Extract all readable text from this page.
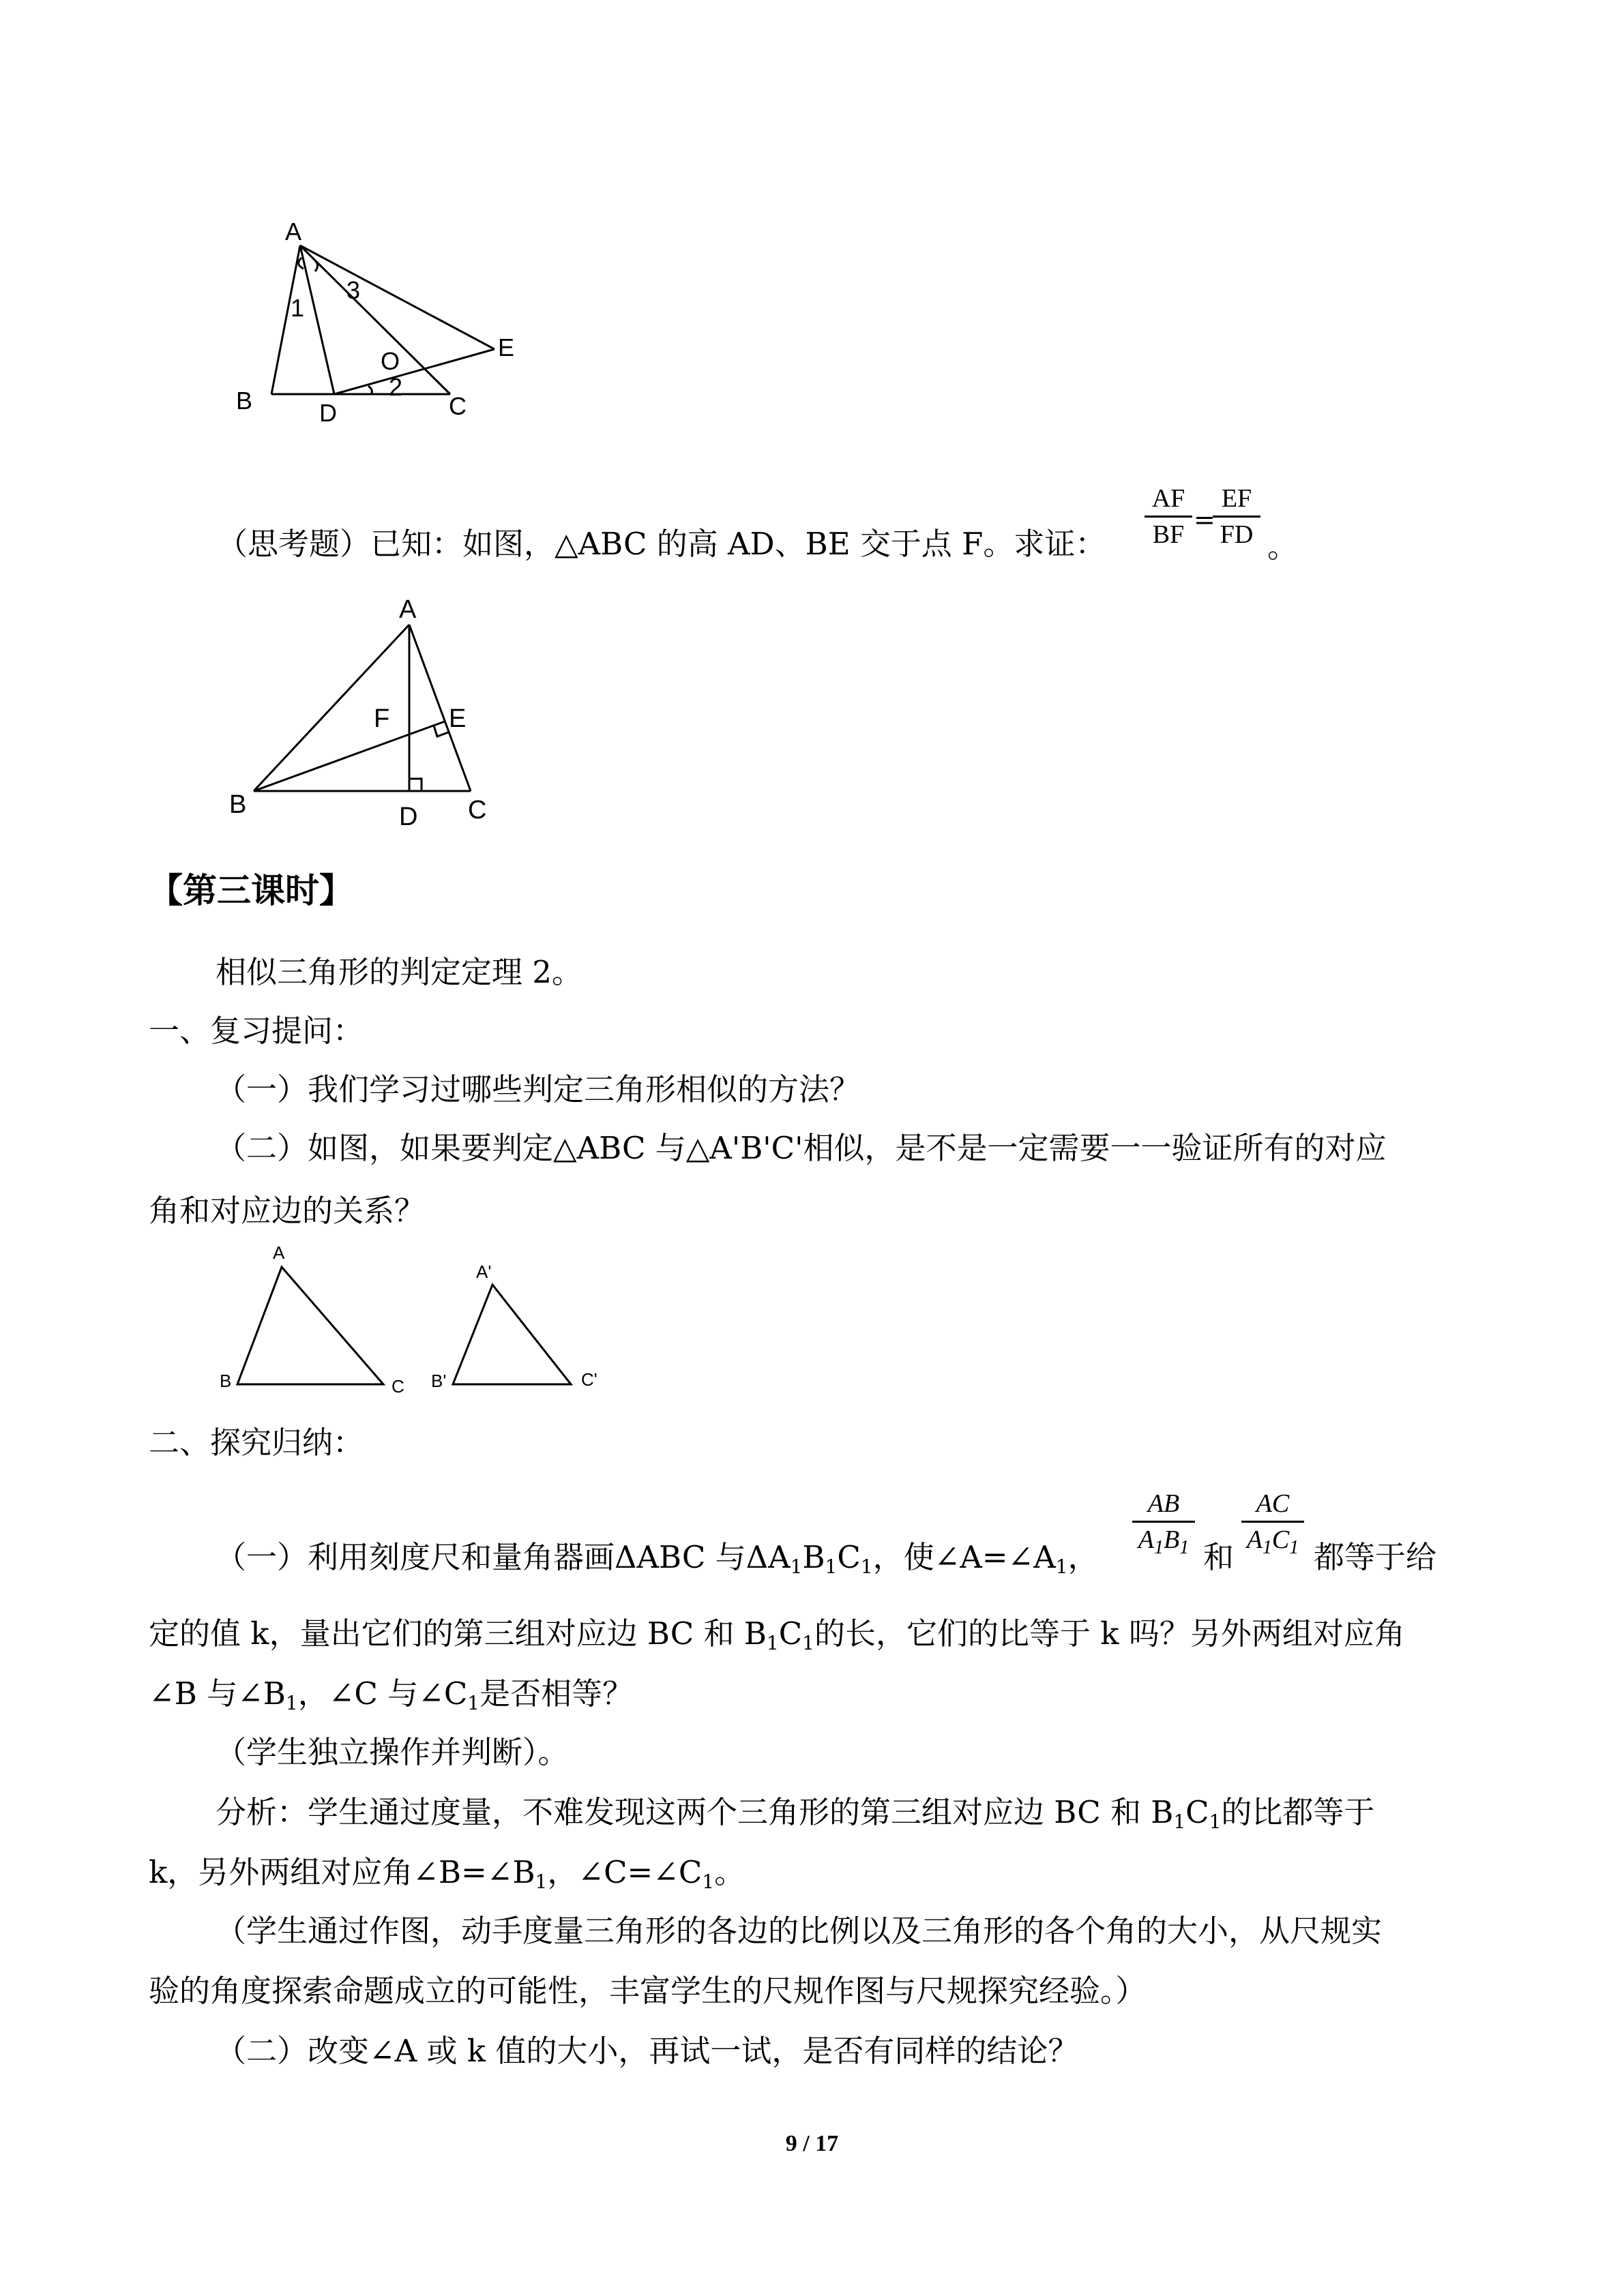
A
B	C
D
E
O
1
2
3
（思考题）已知：如图，△ABC 的高 AD、BE 交于点 F。求证：
AF
BF =
EF
FD 。
A
B	C
D
E
F
【第三课时】
相似三角形的判定定理 2。
一、复习提问：
（一）我们学习过哪些判定三角形相似的方法？
（二）如图，如果要判定△ABC 与△A'B'C'相似，是不是一定需要一一验证所有的对应
角和对应边的关系？
A
B	C
A'
B'	C'
二、探究归纳：
（一）利用刻度尺和量角器画ΔABC 与$\Delta A_1B_1C_1$，使$\angle A=\angle A_1$，
AB
$A_1B_1$ 和
AC
$A_1C_1$ 都等于给
定的值 k，量出它们的第三组对应边 BC 和 $B_1C_1$的长，它们的比等于 k 吗？另外两组对应角
∠B 与$\angle B_1$，∠C 与$\angle C_1$是否相等？
（学生独立操作并判断）。
分析：学生通过度量，不难发现这两个三角形的第三组对应边 BC 和 $B_1C_1$的比都等于
k，另外两组对应角$\angle B=\angle B_1$，$\angle C=\angle C_1$。
（学生通过作图，动手度量三角形的各边的比例以及三角形的各个角的大小，从尺规实
验的角度探索命题成立的可能性，丰富学生的尺规作图与尺规探究经验。）
（二）改变∠A 或 k 值的大小，再试一试，是否有同样的结论？
9 / 17
